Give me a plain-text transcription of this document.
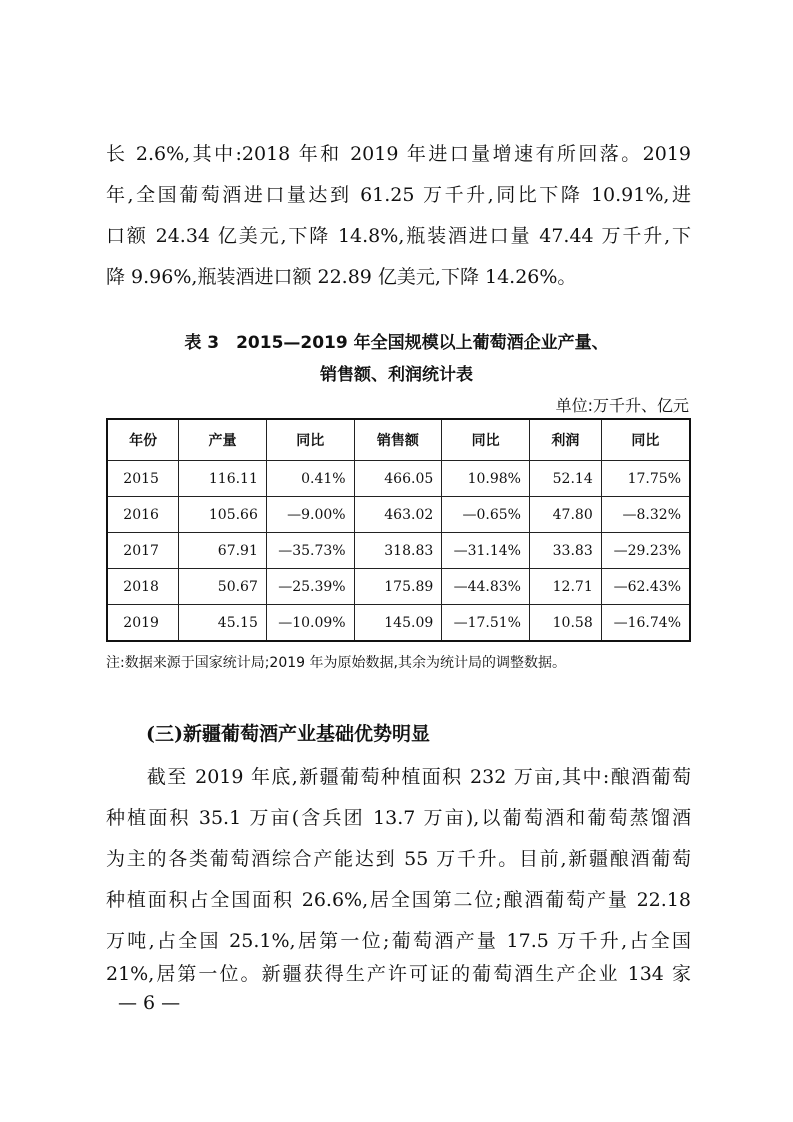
长 2.6%,其中:2018 年和 2019 年进口量增速有所回落。2019
年,全国葡萄酒进口量达到 61.25 万千升,同比下降 10.91%,进
口额 24.34 亿美元,下降 14.8%,瓶装酒进口量 47.44 万千升,下
降 9.96%,瓶装酒进口额 22.89 亿美元,下降 14.26%。
表 3　2015—2019 年全国规模以上葡萄酒企业产量、
销售额、利润统计表
单位:万千升、亿元
年份	产量	同比	销售额	同比	利润	同比
2015	116.11	0.41%	466.05	10.98%	52.14	17.75%
2016	105.66	—9.00%	463.02	—0.65%	47.80	—8.32%
2017	67.91	—35.73%	318.83	—31.14%	33.83	—29.23%
2018	50.67	—25.39%	175.89	—44.83%	12.71	—62.43%
2019	45.15	—10.09%	145.09	—17.51%	10.58	—16.74%
注:数据来源于国家统计局;2019 年为原始数据,其余为统计局的调整数据。
(三)新疆葡萄酒产业基础优势明显
　　截至 2019 年底,新疆葡萄种植面积 232 万亩,其中:酿酒葡萄
种植面积 35.1 万亩(含兵团 13.7 万亩),以葡萄酒和葡萄蒸馏酒
为主的各类葡萄酒综合产能达到 55 万千升。目前,新疆酿酒葡萄
种植面积占全国面积 26.6%,居全国第二位;酿酒葡萄产量 22.18
万吨,占全国 25.1%,居第一位;葡萄酒产量 17.5 万千升,占全国
21%,居第一位。新疆获得生产许可证的葡萄酒生产企业 134 家
— 6 —
